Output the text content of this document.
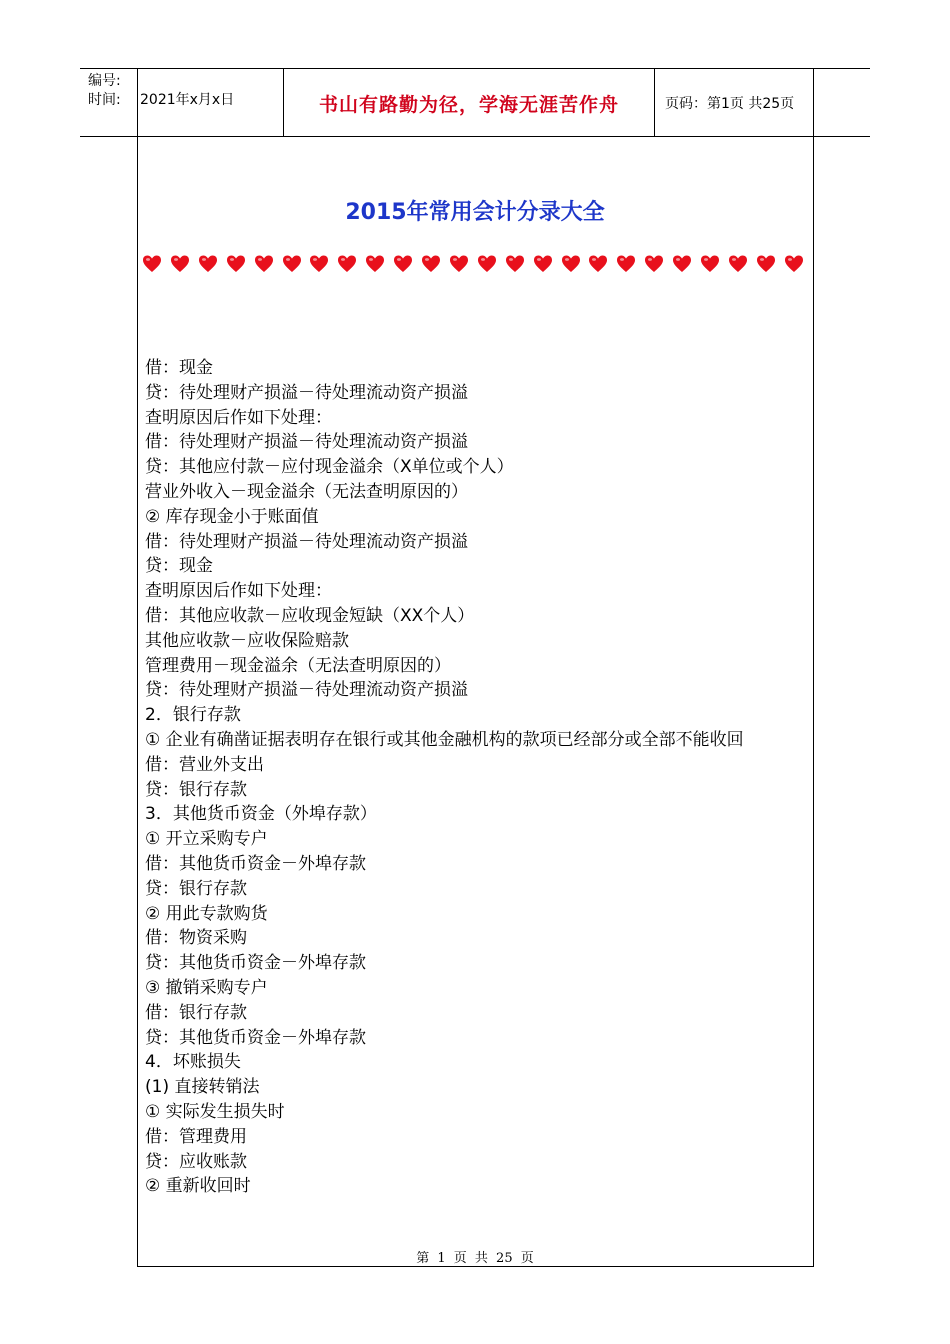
编号:
时间: 2021年x月x日	书山有路勤为径，学海无涯苦作舟	页码：第1页 共25页
2015年常用会计分录大全
借：现金
贷：待处理财产损溢－待处理流动资产损溢
查明原因后作如下处理：
借：待处理财产损溢－待处理流动资产损溢
贷：其他应付款－应付现金溢余（X单位或个人）
营业外收入－现金溢余（无法查明原因的）
② 库存现金小于账面值
借：待处理财产损溢－待处理流动资产损溢
贷：现金
查明原因后作如下处理：
借：其他应收款－应收现金短缺（XX个人）
其他应收款－应收保险赔款
管理费用－现金溢余（无法查明原因的）
贷：待处理财产损溢－待处理流动资产损溢
2．银行存款
① 企业有确凿证据表明存在银行或其他金融机构的款项已经部分或全部不能收回
借：营业外支出
贷：银行存款
3．其他货币资金（外埠存款）
① 开立采购专户
借：其他货币资金－外埠存款
贷：银行存款
② 用此专款购货
借：物资采购
贷：其他货币资金－外埠存款
③ 撤销采购专户
借：银行存款
贷：其他货币资金－外埠存款
4．坏账损失
(1) 直接转销法
① 实际发生损失时
借：管理费用
贷：应收账款
② 重新收回时
第 1 页 共 25 页
